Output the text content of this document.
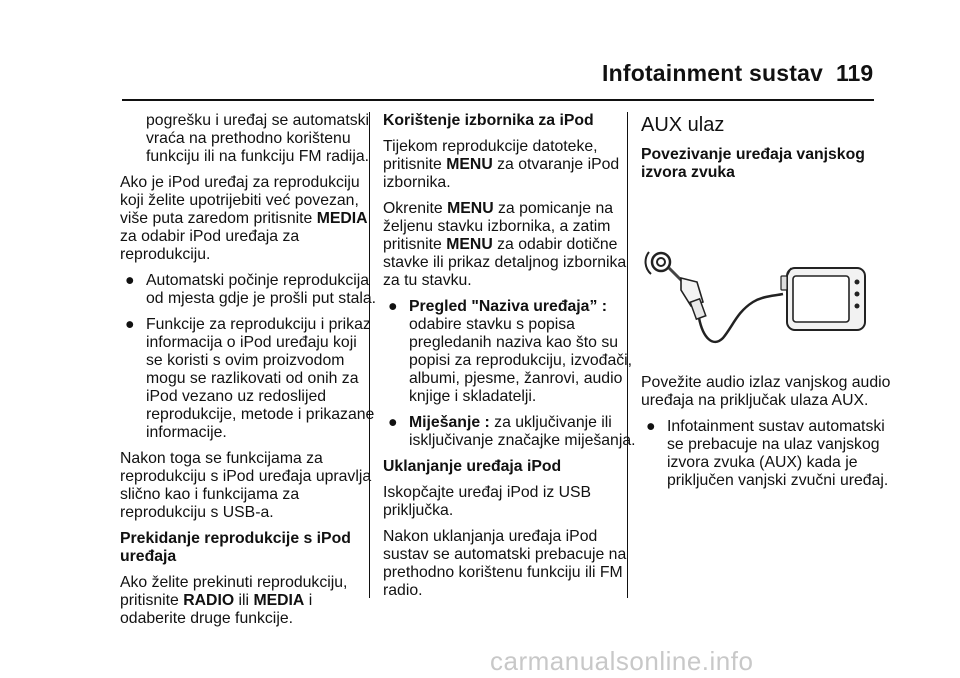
Infotainment sustav 119

pogrešku i uređaj se automatski
vraća na prethodno korištenu
funkciju ili na funkciju FM radija.

Ako je iPod uređaj za reprodukciju
koji želite upotrijebiti već povezan,
više puta zaredom pritisnite MEDIA
za odabir iPod uređaja za
reprodukciju.

● Automatski počinje reprodukcija
od mjesta gdje je prošli put stala.
● Funkcije za reprodukciju i prikaz
informacija o iPod uređaju koji
se koristi s ovim proizvodom
mogu se razlikovati od onih za
iPod vezano uz redoslijed
reprodukcije, metode i prikazane
informacije.

Nakon toga se funkcijama za
reprodukciju s iPod uređaja upravlja
slično kao i funkcijama za
reprodukciju s USB-a.

Prekidanje reprodukcije s iPod
uređaja

Ako želite prekinuti reprodukciju,
pritisnite RADIO ili MEDIA i
odaberite druge funkcije.

Korištenje izbornika za iPod

Tijekom reprodukcije datoteke,
pritisnite MENU za otvaranje iPod
izbornika.

Okrenite MENU za pomicanje na
željenu stavku izbornika, a zatim
pritisnite MENU za odabir dotične
stavke ili prikaz detaljnog izbornika
za tu stavku.

● Pregled "Naziva uređaja” :
odabire stavku s popisa
pregledanih naziva kao što su
popisi za reprodukciju, izvođači,
albumi, pjesme, žanrovi, audio
knjige i skladatelji.
● Miješanje : za uključivanje ili
isključivanje značajke miješanja.

Uklanjanje uređaja iPod

Iskopčajte uređaj iPod iz USB
priključka.

Nakon uklanjanja uređaja iPod
sustav se automatski prebacuje na
prethodno korištenu funkciju ili FM
radio.

AUX ulaz

Povezivanje uređaja vanjskog
izvora zvuka

Povežite audio izlaz vanjskog audio
uređaja na priključak ulaza AUX.

● Infotainment sustav automatski
se prebacuje na ulaz vanjskog
izvora zvuka (AUX) kada je
priključen vanjski zvučni uređaj.
carmanualsonline.info
